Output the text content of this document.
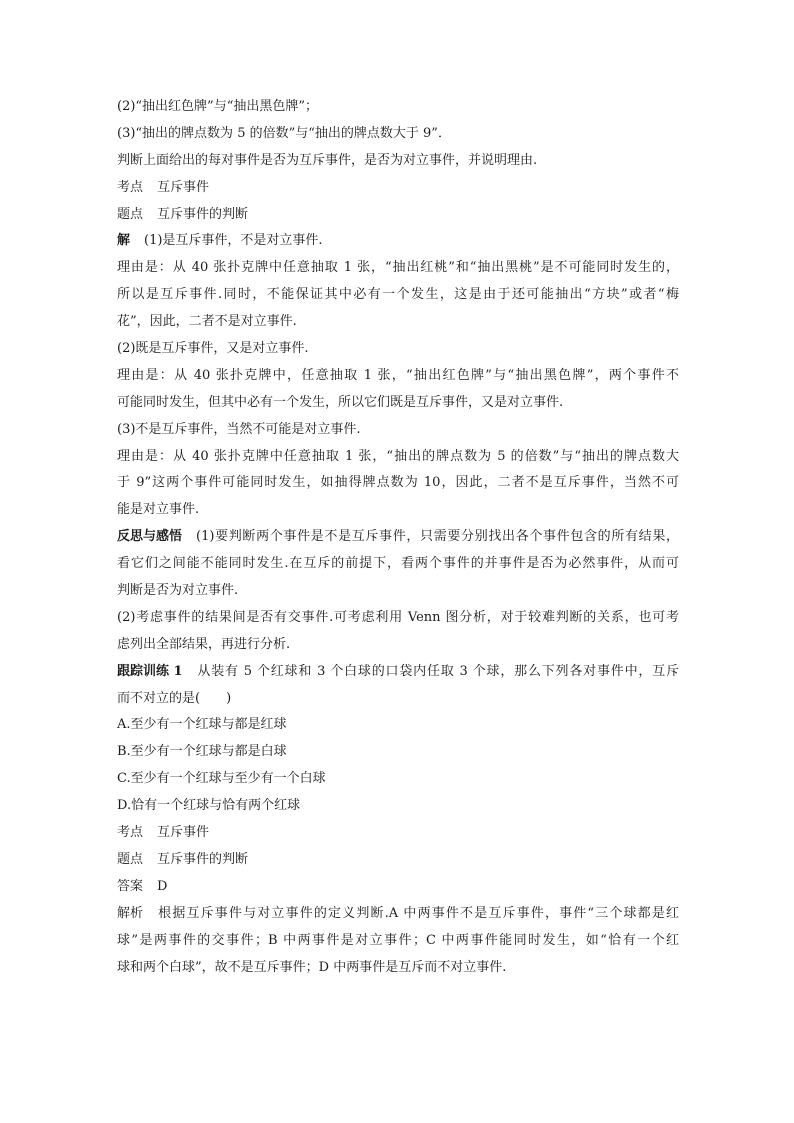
(2)“抽出红色牌”与“抽出黑色牌”；
(3)“抽出的牌点数为 5 的倍数”与“抽出的牌点数大于 9”．
判断上面给出的每对事件是否为互斥事件，是否为对立事件，并说明理由.
考点 互斥事件
题点 互斥事件的判断
解 (1)是互斥事件，不是对立事件.
理由是：从 40 张扑克牌中任意抽取 1 张，“抽出红桃”和“抽出黑桃”是不可能同时发生的，
所以是互斥事件.同时，不能保证其中必有一个发生，这是由于还可能抽出“方块”或者“梅
花”，因此，二者不是对立事件.
(2)既是互斥事件，又是对立事件.
理由是：从 40 张扑克牌中，任意抽取 1 张，“抽出红色牌”与“抽出黑色牌”，两个事件不
可能同时发生，但其中必有一个发生，所以它们既是互斥事件，又是对立事件.
(3)不是互斥事件，当然不可能是对立事件.
理由是：从 40 张扑克牌中任意抽取 1 张，“抽出的牌点数为 5 的倍数”与“抽出的牌点数大
于 9”这两个事件可能同时发生，如抽得牌点数为 10，因此，二者不是互斥事件，当然不可
能是对立事件.
反思与感悟 (1)要判断两个事件是不是互斥事件，只需要分别找出各个事件包含的所有结果，
看它们之间能不能同时发生.在互斥的前提下，看两个事件的并事件是否为必然事件，从而可
判断是否为对立事件.
(2)考虑事件的结果间是否有交事件.可考虑利用 Venn 图分析，对于较难判断的关系，也可考
虑列出全部结果，再进行分析.
跟踪训练 1 从装有 5 个红球和 3 个白球的口袋内任取 3 个球，那么下列各对事件中，互斥
而不对立的是(　　)
A.至少有一个红球与都是红球
B.至少有一个红球与都是白球
C.至少有一个红球与至少有一个白球
D.恰有一个红球与恰有两个红球
考点 互斥事件
题点 互斥事件的判断
答案 D
解析 根据互斥事件与对立事件的定义判断.A 中两事件不是互斥事件，事件“三个球都是红
球”是两事件的交事件；B 中两事件是对立事件；C 中两事件能同时发生，如“恰有一个红
球和两个白球”，故不是互斥事件；D 中两事件是互斥而不对立事件.
